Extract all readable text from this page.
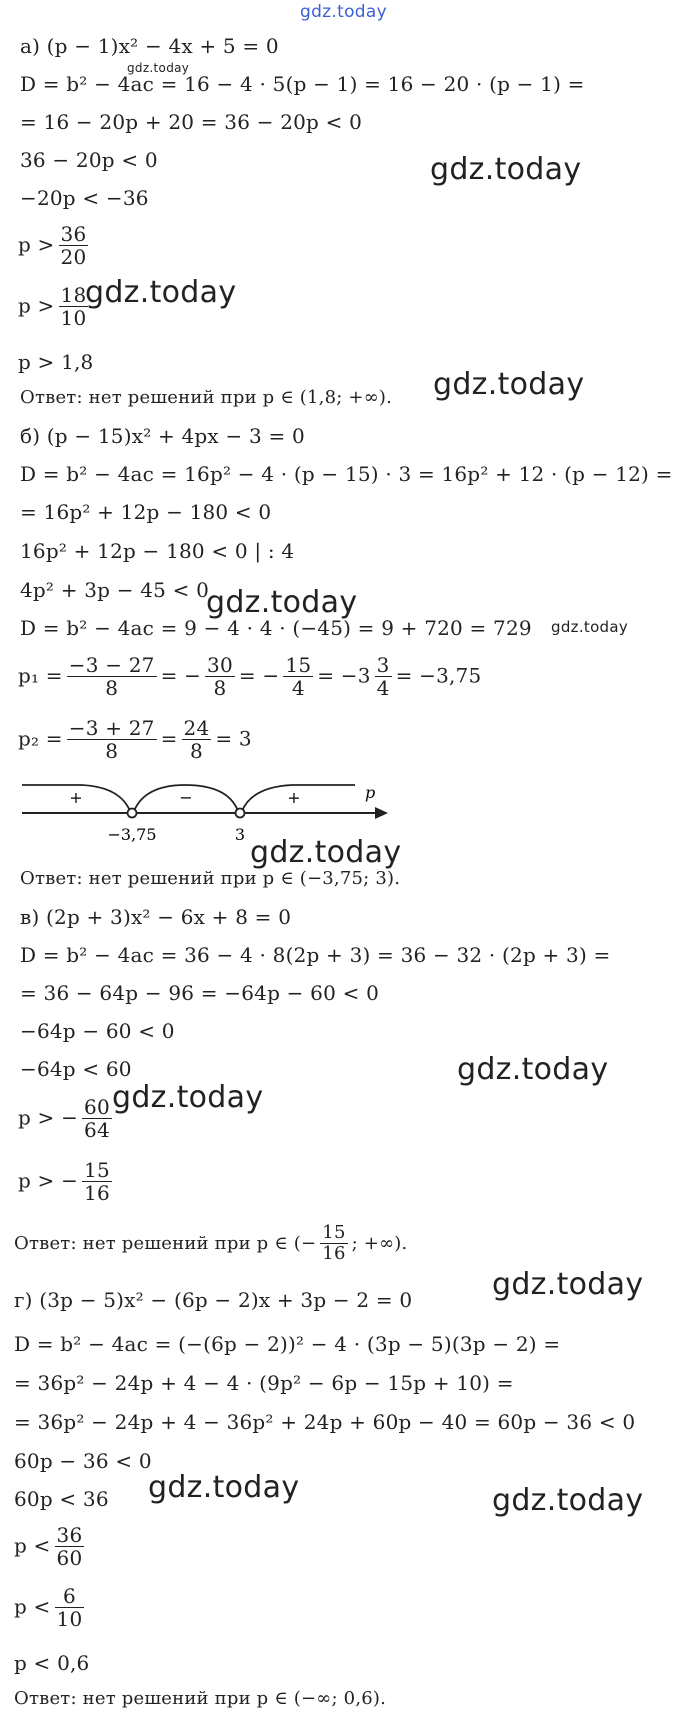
gdz.today
gdz.today
gdz.today
gdz.today
gdz.today
gdz.today
gdz.today
gdz.today
gdz.today
gdz.today
gdz.today
gdz.today	gdz.today
а) (p − 1)x² − 4x + 5 = 0
D = b² − 4ac = 16 − 4 · 5(p − 1) = 16 − 20 · (p − 1) =
= 16 − 20p + 20 = 36 − 20p < 0
36 − 20p < 0
−20p < −36
$p > \frac{36}{20}$
$p > \frac{18}{10}$
p > 1,8
Ответ: нет решений при p ∈ (1,8; +∞).
б) (p − 15)x² + 4px − 3 = 0
D = b² − 4ac = 16p² − 4 · (p − 15) · 3 = 16p² + 12 · (p − 12) =
= 16p² + 12p − 180 < 0
16p² + 12p − 180 < 0 | : 4
4p² + 3p − 45 < 0
D = b² − 4ac = 9 − 4 · 4 · (−45) = 9 + 720 = 729
$p_1 = \frac{-3 - 27}{8}$ = − $\frac{30}{8}$ = − $\frac{15}{4} = -3 \frac{3}{4} = -3,75$
$p_2 = \frac{-3 + 27}{8} = \frac{24}{8} = 3$
+	−	+	p
−3,75	3
Ответ: нет решений при p ∈ (−3,75; 3).
в) (2p + 3)x² − 6x + 8 = 0
D = b² − 4ac = 36 − 4 · 8(2p + 3) = 36 − 32 · (2p + 3) =
= 36 − 64p − 96 = −64p − 60 < 0
−64p − 60 < 0
−64p < 60
p > − $\frac{60}{64}$
p > − $\frac{15}{16}$
Ответ: нет решений при p ∈ (− $\frac{15}{16}$ ; +∞).
г) (3p − 5)x² − (6p − 2)x + 3p − 2 = 0
D = b² − 4ac = (−(6p − 2))² − 4 · (3p − 5)(3p − 2) =
= 36p² − 24p + 4 − 4 · (9p² − 6p − 15p + 10) =
= 36p² − 24p + 4 − 36p² + 24p + 60p − 40 = 60p − 36 < 0
60p − 36 < 0
60p < 36
$p < \frac{36}{60}$
$p < \frac{6}{10}$
p < 0,6
Ответ: нет решений при p ∈ (−∞; 0,6).
